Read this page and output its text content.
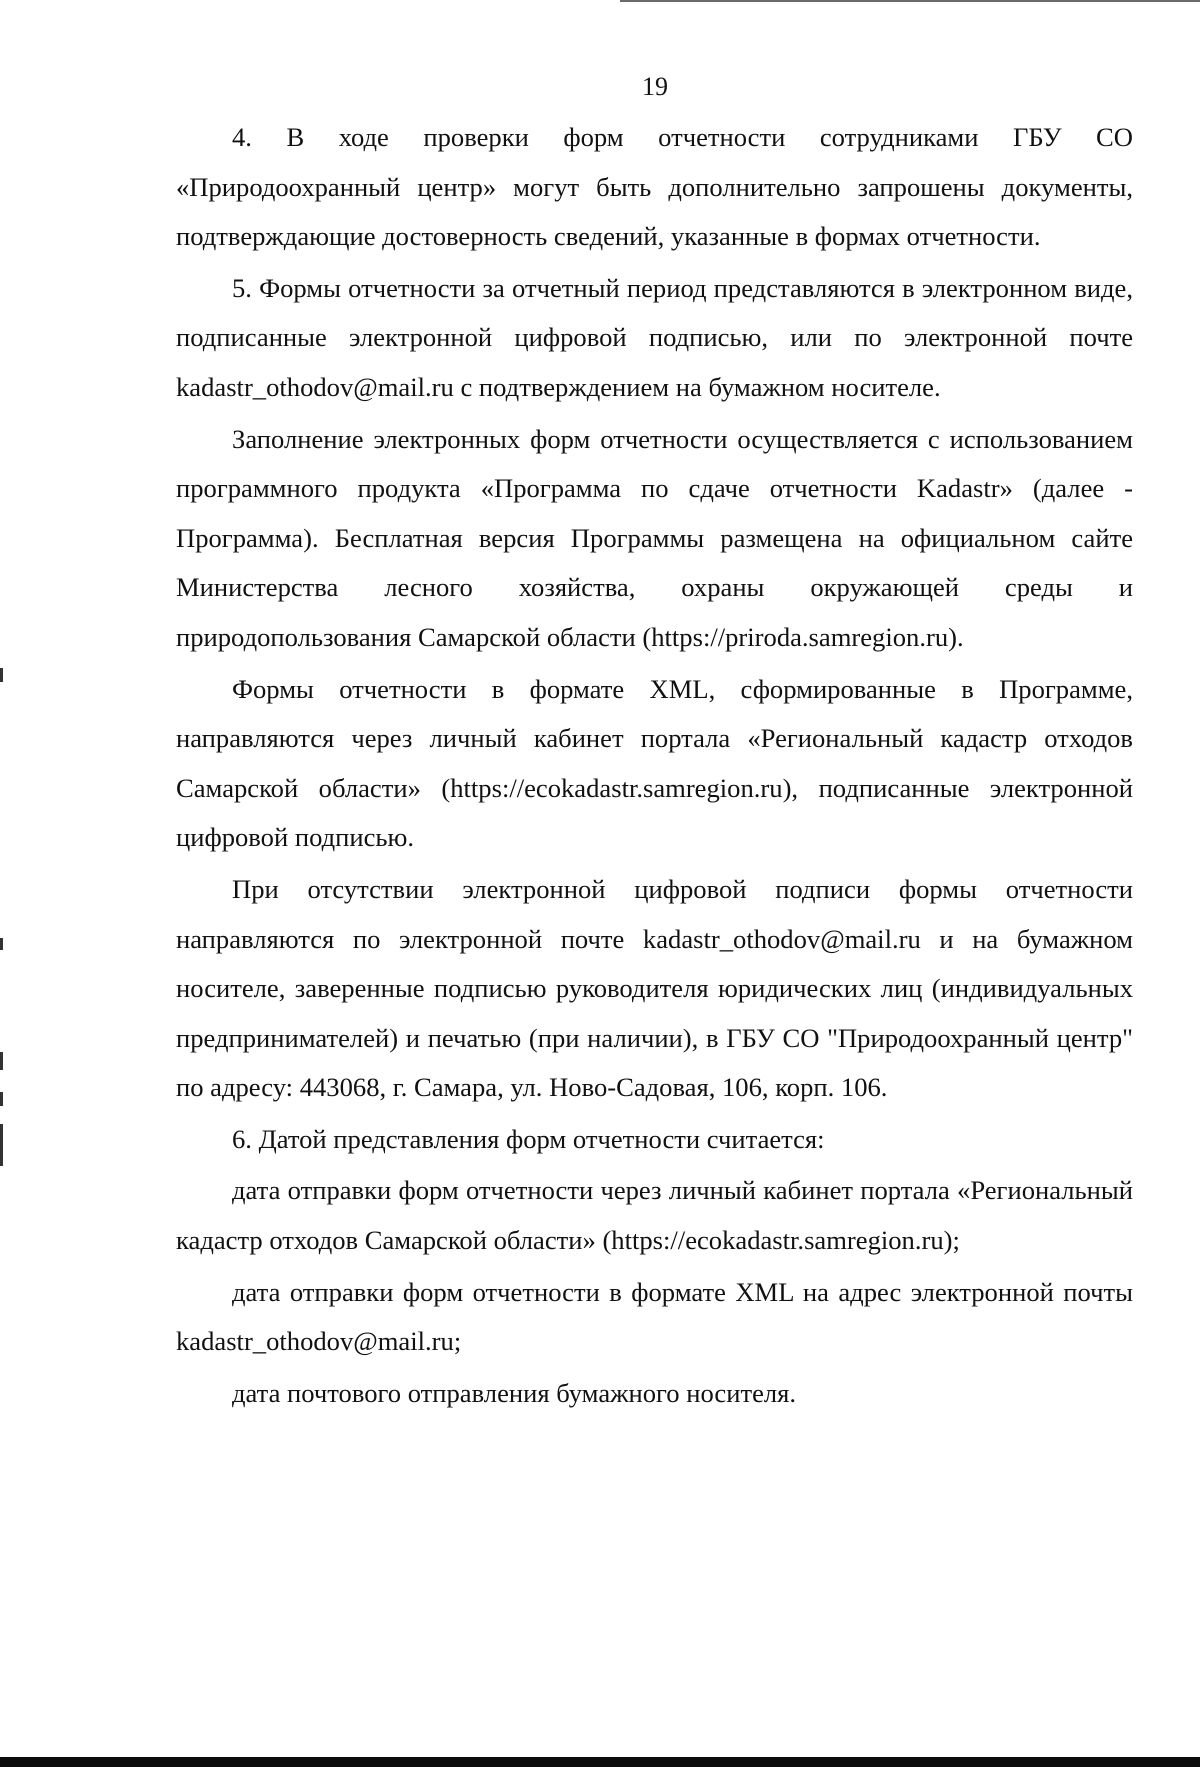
19

4. В ходе проверки форм отчетности сотрудниками ГБУ СО «Природоохранный центр» могут быть дополнительно запрошены документы, подтверждающие достоверность сведений, указанные в формах отчетности.

5. Формы отчетности за отчетный период представляются в электронном виде, подписанные электронной цифровой подписью, или по электронной почте kadastr_othodov@mail.ru с подтверждением на бумажном носителе.

Заполнение электронных форм отчетности осуществляется с использованием программного продукта «Программа по сдаче отчетности Kadastr» (далее - Программа). Бесплатная версия Программы размещена на официальном сайте Министерства лесного хозяйства, охраны окружающей среды и природопользования Самарской области (https://priroda.samregion.ru).

Формы отчетности в формате XML, сформированные в Программе, направляются через личный кабинет портала «Региональный кадастр отходов Самарской области» (https://ecokadastr.samregion.ru), подписанные электронной цифровой подписью.

При отсутствии электронной цифровой подписи формы отчетности направляются по электронной почте kadastr_othodov@mail.ru и на бумажном носителе, заверенные подписью руководителя юридических лиц (индивидуальных предпринимателей) и печатью (при наличии), в ГБУ СО "Природоохранный центр" по адресу: 443068, г. Самара, ул. Ново-Садовая, 106, корп. 106.

6. Датой представления форм отчетности считается:

дата отправки форм отчетности через личный кабинет портала «Региональный кадастр отходов Самарской области» (https://ecokadastr.samregion.ru);

дата отправки форм отчетности в формате XML на адрес электронной почты kadastr_othodov@mail.ru;

дата почтового отправления бумажного носителя.
